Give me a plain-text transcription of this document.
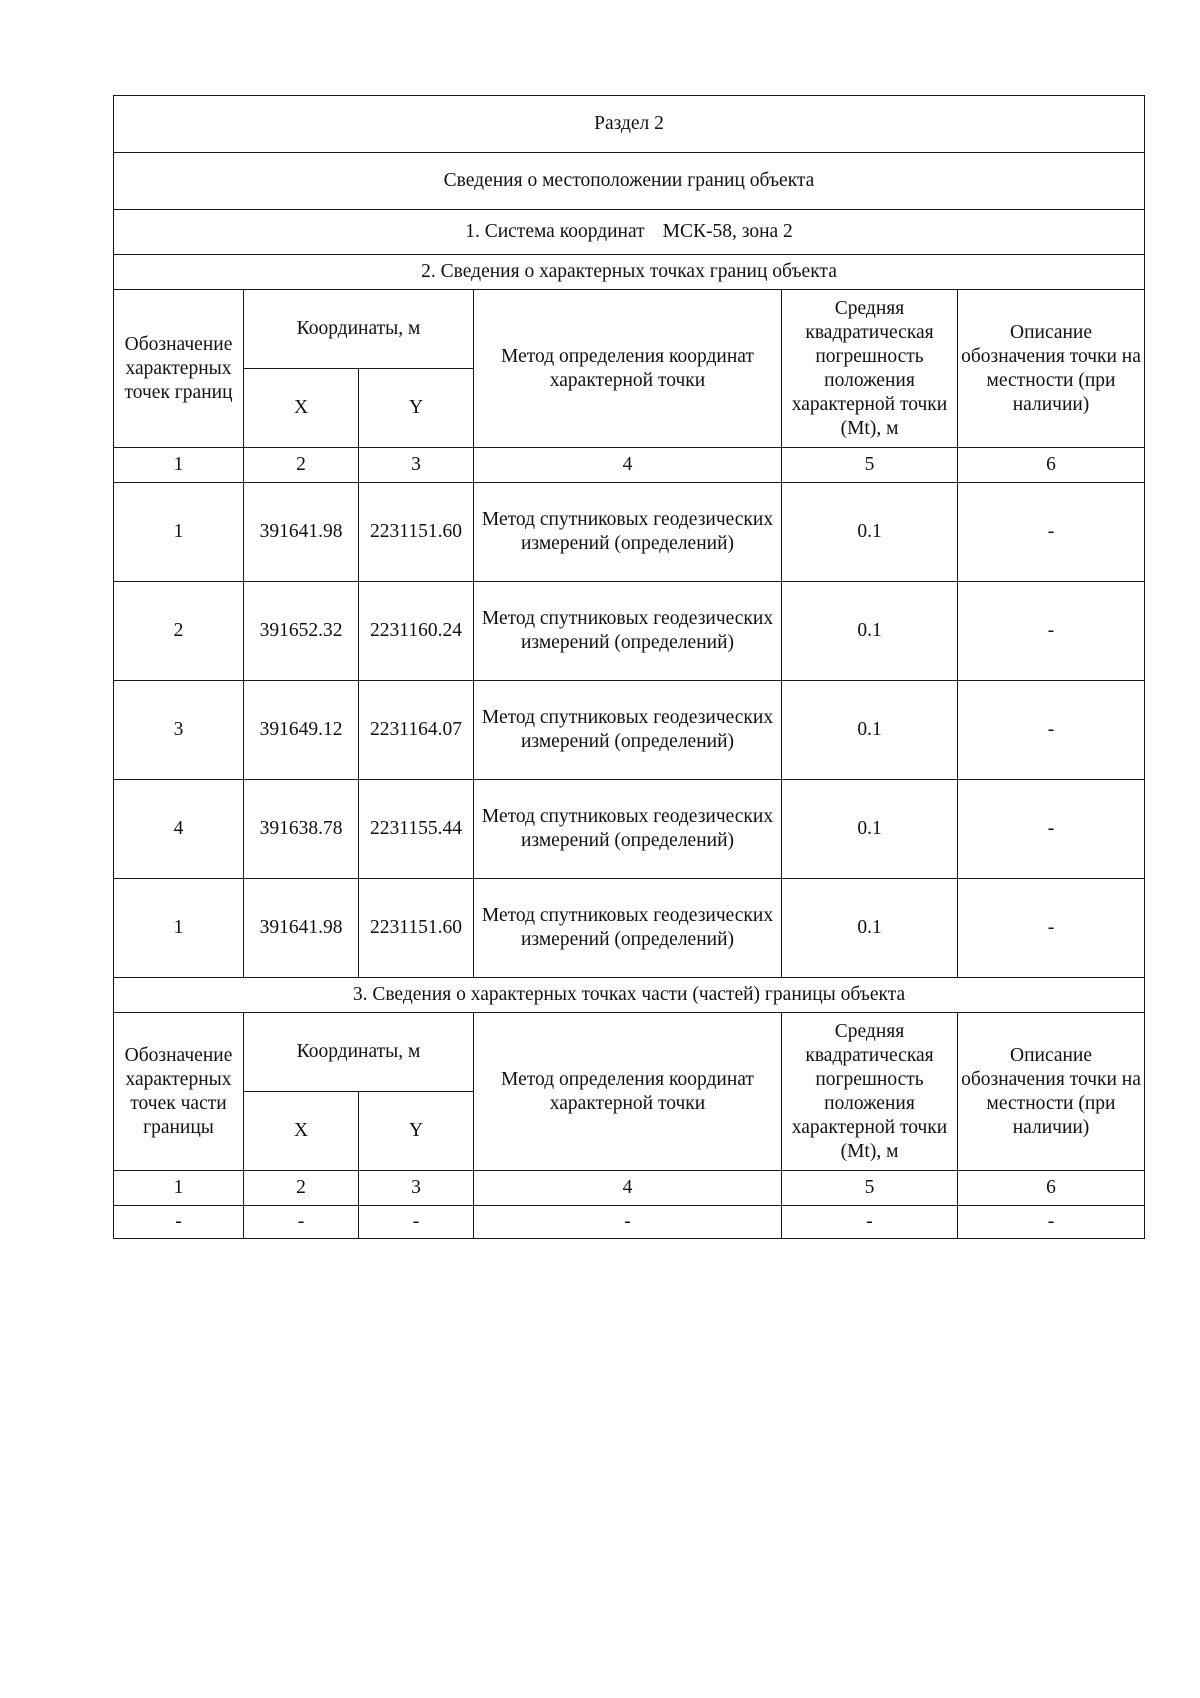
Раздел 2					
Сведения о местоположении границ объекта					
1. Система координат МСК-58, зона 2					
2. Сведения о характерных точках границ объекта					
Обозначение характерных точек границ	Координаты, м		Метод определения координат характерной точки	Средняя квадратическая погрешность положения характерной точки (Mt), м	Описание обозначения точки на местности (при наличии)
	X	Y			
1	2	3	4	5	6
1	391641.98	2231151.60	Метод спутниковых геодезических измерений (определений)	0.1	-
2	391652.32	2231160.24	Метод спутниковых геодезических измерений (определений)	0.1	-
3	391649.12	2231164.07	Метод спутниковых геодезических измерений (определений)	0.1	-
4	391638.78	2231155.44	Метод спутниковых геодезических измерений (определений)	0.1	-
1	391641.98	2231151.60	Метод спутниковых геодезических измерений (определений)	0.1	-
3. Сведения о характерных точках части (частей) границы объекта					
Обозначение характерных точек части границы	Координаты, м		Метод определения координат характерной точки	Средняя квадратическая погрешность положения характерной точки (Mt), м	Описание обозначения точки на местности (при наличии)
	X	Y			
1	2	3	4	5	6
-	-	-	-	-	-
